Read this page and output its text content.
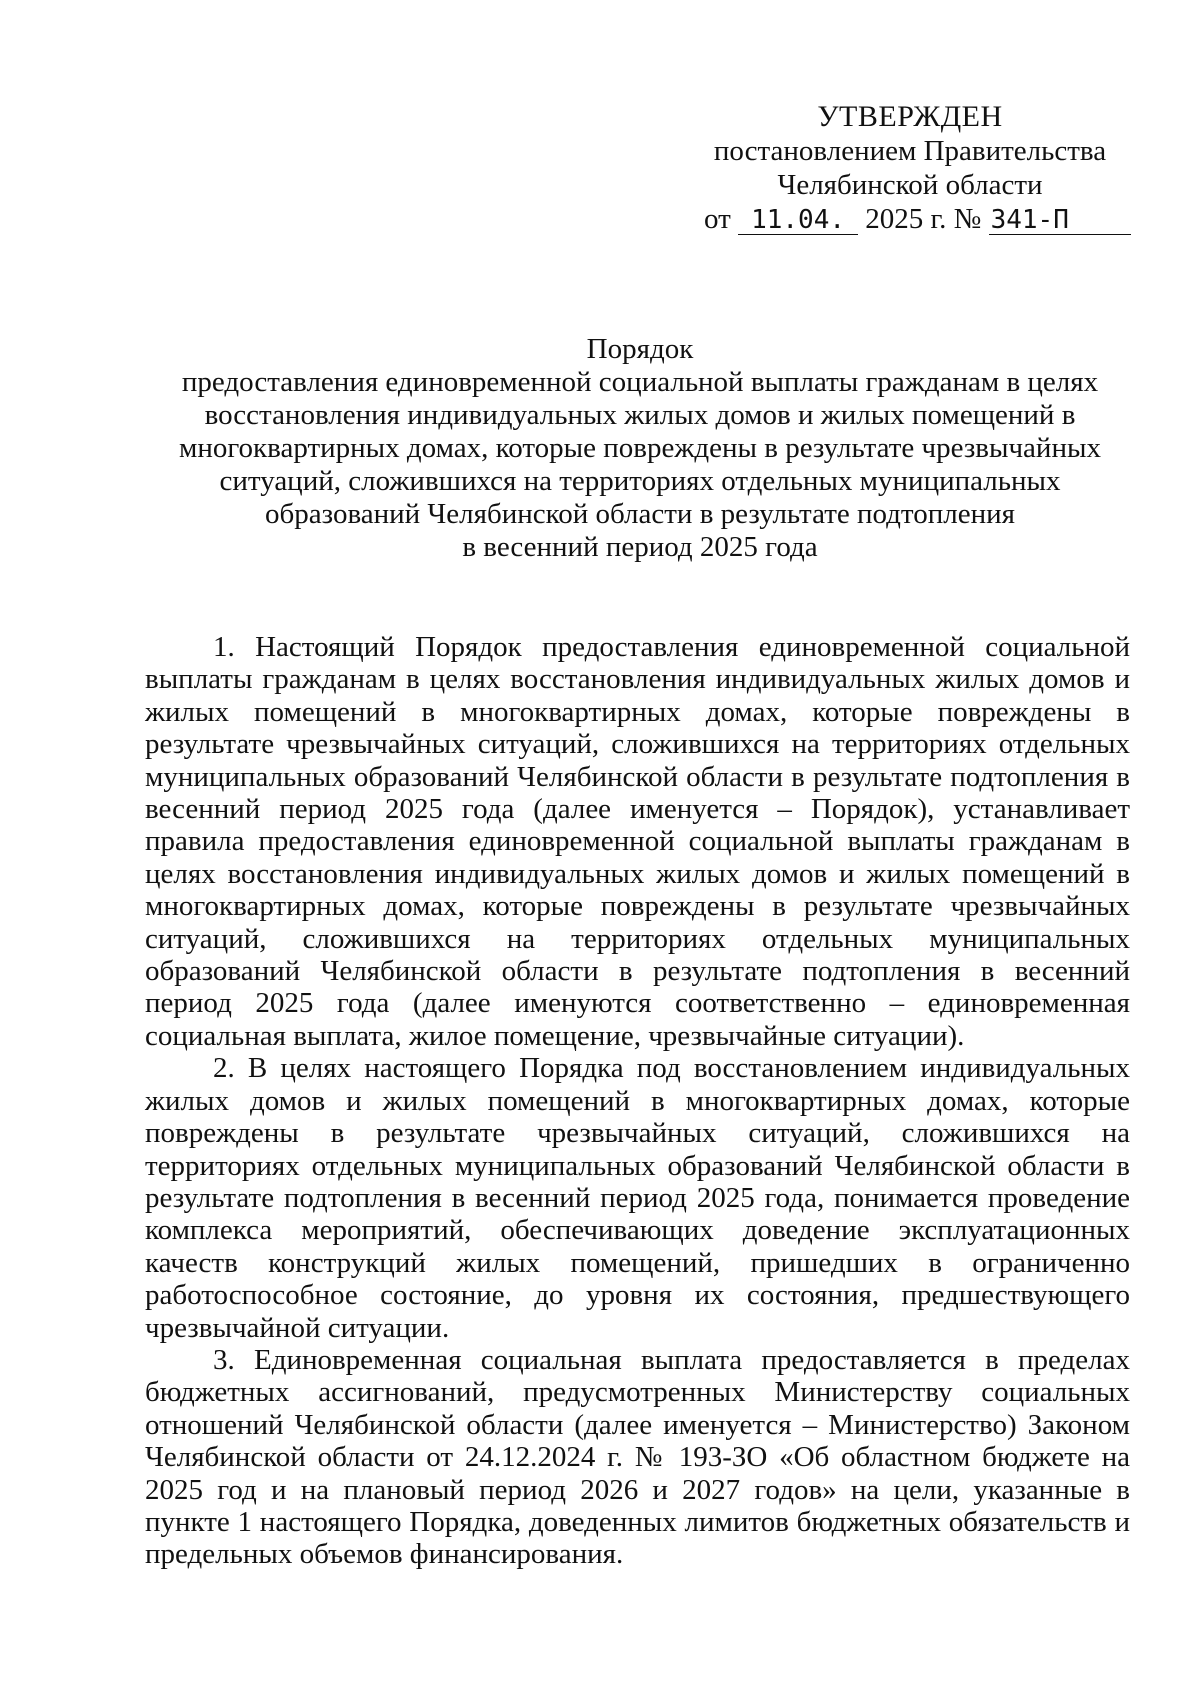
УТВЕРЖДЕН
постановлением Правительства
Челябинской области
от 11.04. 2025 г. № 341-П
Порядок
предоставления единовременной социальной выплаты гражданам в целях
восстановления индивидуальных жилых домов и жилых помещений в
многоквартирных домах, которые повреждены в результате чрезвычайных
ситуаций, сложившихся на территориях отдельных муниципальных
образований Челябинской области в результате подтопления
в весенний период 2025 года

1. Настоящий Порядок предоставления единовременной социальной выплаты гражданам в целях восстановления индивидуальных жилых домов и жилых помещений в многоквартирных домах, которые повреждены в результате чрезвычайных ситуаций, сложившихся на территориях отдельных муниципальных образований Челябинской области в результате подтопления в весенний период 2025 года (далее именуется – Порядок), устанавливает правила предоставления единовременной социальной выплаты гражданам в целях восстановления индивидуальных жилых домов и жилых помещений в многоквартирных домах, которые повреждены в результате чрезвычайных ситуаций, сложившихся на территориях отдельных муниципальных образований Челябинской области в результате подтопления в весенний период 2025 года (далее именуются соответственно – единовременная социальная выплата, жилое помещение, чрезвычайные ситуации).

2. В целях настоящего Порядка под восстановлением индивидуальных жилых домов и жилых помещений в многоквартирных домах, которые повреждены в результате чрезвычайных ситуаций, сложившихся на территориях отдельных муниципальных образований Челябинской области в результате подтопления в весенний период 2025 года, понимается проведение комплекса мероприятий, обеспечивающих доведение эксплуатационных качеств конструкций жилых помещений, пришедших в ограниченно работоспособное состояние, до уровня их состояния, предшествующего чрезвычайной ситуации.

3. Единовременная социальная выплата предоставляется в пределах бюджетных ассигнований, предусмотренных Министерству социальных отношений Челябинской области (далее именуется – Министерство) Законом Челябинской области от 24.12.2024 г. № 193-ЗО «Об областном бюджете на 2025 год и на плановый период 2026 и 2027 годов» на цели, указанные в пункте 1 настоящего Порядка, доведенных лимитов бюджетных обязательств и предельных объемов финансирования.
